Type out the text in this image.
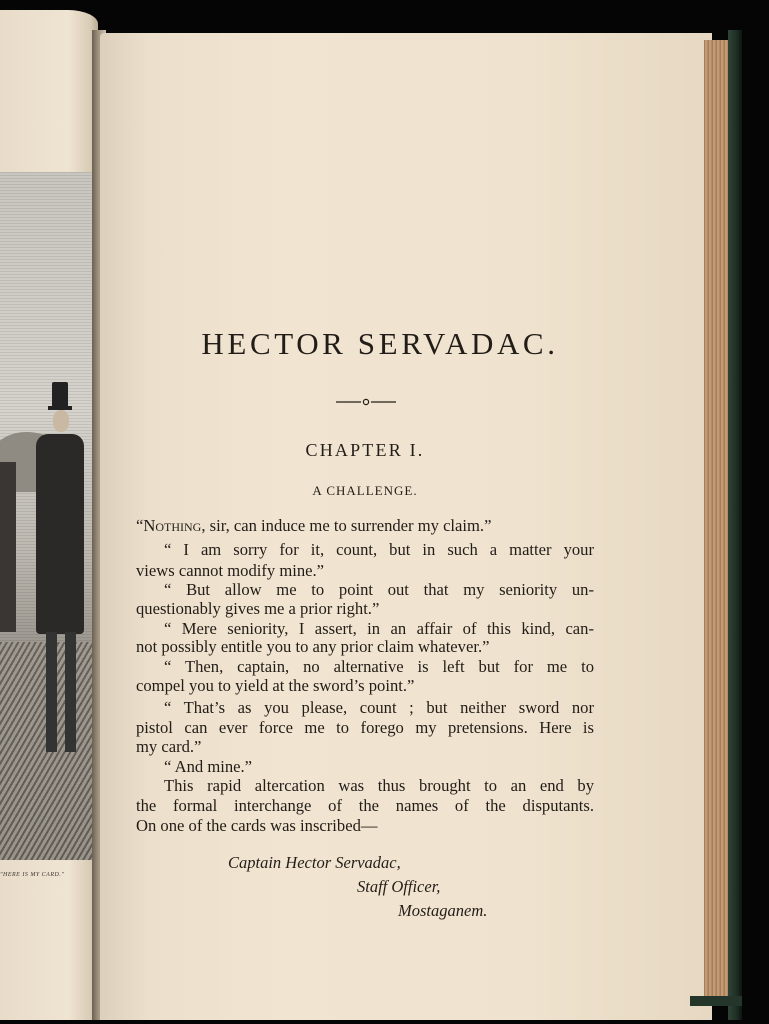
"HERE IS MY CARD."
HECTOR SERVADAC.
CHAPTER I.
A CHALLENGE.
“Nothing, sir, can induce me to surrender my claim.”
“ I am sorry for it, count, but in such a matter your
views cannot modify mine.”
“ But allow me to point out that my seniority un-
questionably gives me a prior right.”
“ Mere seniority, I assert, in an affair of this kind, can-
not possibly entitle you to any prior claim whatever.”
“ Then, captain, no alternative is left but for me to
compel you to yield at the sword’s point.”
“ That’s as you please, count ; but neither sword nor
pistol can ever force me to forego my pretensions. Here is
my card.”
“ And mine.”
This rapid altercation was thus brought to an end by
the formal interchange of the names of the disputants.
On one of the cards was inscribed—
Captain Hector Servadac,
Staff Officer,
Mostaganem.
